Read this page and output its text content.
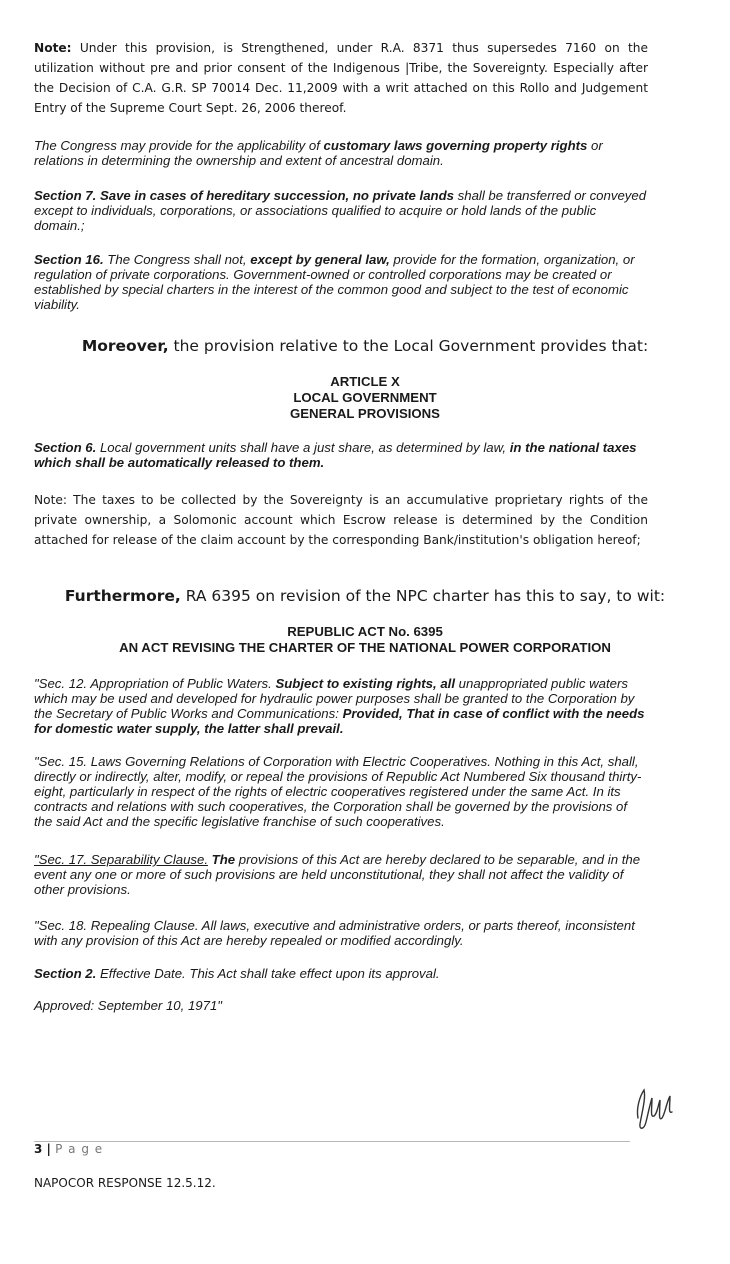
Note: Under this provision, is Strengthened, under R.A. 8371 thus supersedes 7160 on the utilization without pre and prior consent of the Indigenous |Tribe, the Sovereignty. Especially after the Decision of C.A. G.R. SP 70014 Dec. 11,2009 with a writ attached on this Rollo and Judgement Entry of the Supreme Court Sept. 26, 2006 thereof.

The Congress may provide for the applicability of customary laws governing property rights or relations in determining the ownership and extent of ancestral domain.

Section 7. Save in cases of hereditary succession, no private lands shall be transferred or conveyed except to individuals, corporations, or associations qualified to acquire or hold lands of the public domain.;

Section 16. The Congress shall not, except by general law, provide for the formation, organization, or regulation of private corporations. Government-owned or controlled corporations may be created or established by special charters in the interest of the common good and subject to the test of economic viability.

Moreover, the provision relative to the Local Government provides that:

ARTICLE X
LOCAL GOVERNMENT
GENERAL PROVISIONS

Section 6. Local government units shall have a just share, as determined by law, in the national taxes which shall be automatically released to them.

Note: The taxes to be collected by the Sovereignty is an accumulative proprietary rights of the private ownership, a Solomonic account which Escrow release is determined by the Condition attached for release of the claim account by the corresponding Bank/institution's obligation hereof;

Furthermore, RA 6395 on revision of the NPC charter has this to say, to wit:

REPUBLIC ACT No. 6395
AN ACT REVISING THE CHARTER OF THE NATIONAL POWER CORPORATION

"Sec. 12. Appropriation of Public Waters. Subject to existing rights, all unappropriated public waters which may be used and developed for hydraulic power purposes shall be granted to the Corporation by the Secretary of Public Works and Communications: Provided, That in case of conflict with the needs for domestic water supply, the latter shall prevail.

"Sec. 15. Laws Governing Relations of Corporation with Electric Cooperatives. Nothing in this Act, shall, directly or indirectly, alter, modify, or repeal the provisions of Republic Act Numbered Six thousand thirty-eight, particularly in respect of the rights of electric cooperatives registered under the same Act. In its contracts and relations with such cooperatives, the Corporation shall be governed by the provisions of the said Act and the specific legislative franchise of such cooperatives.

"Sec. 17. Separability Clause. The provisions of this Act are hereby declared to be separable, and in the event any one or more of such provisions are held unconstitutional, they shall not affect the validity of other provisions.

"Sec. 18. Repealing Clause. All laws, executive and administrative orders, or parts thereof, inconsistent with any provision of this Act are hereby repealed or modified accordingly.

Section 2. Effective Date. This Act shall take effect upon its approval.

Approved: September 10, 1971"

3 | P a g e
NAPOCOR RESPONSE 12.5.12.
